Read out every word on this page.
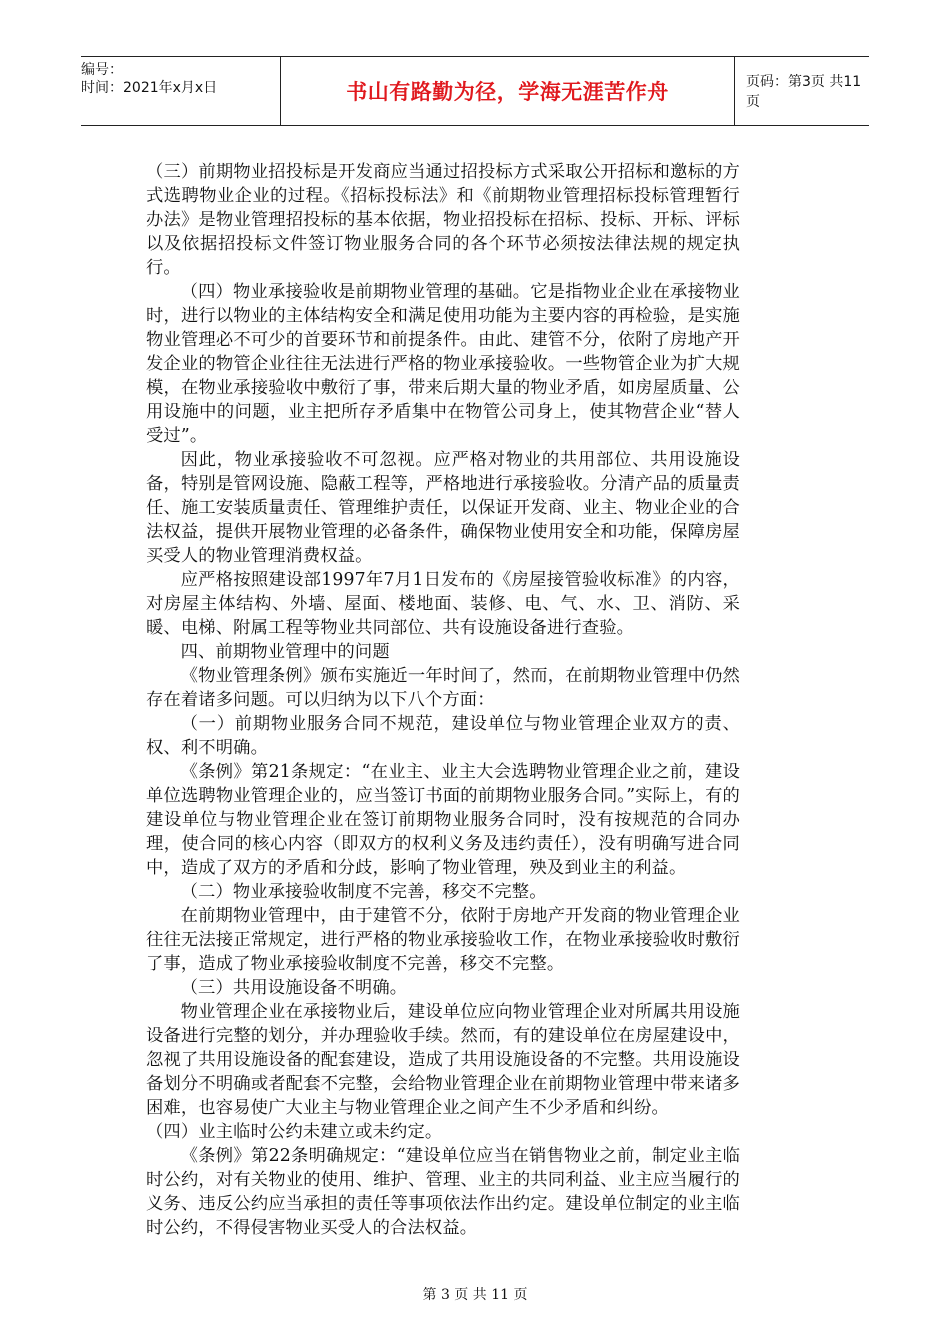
编号：
时间：2021年x月x日	书山有路勤为径，学海无涯苦作舟	页码：第3页 共11页

（三）前期物业招投标是开发商应当通过招投标方式采取公开招标和邀标的方式选聘物业企业的过程。《招标投标法》和《前期物业管理招标投标管理暂行办法》是物业管理招投标的基本依据，物业招投标在招标、投标、开标、评标以及依据招投标文件签订物业服务合同的各个环节必须按法律法规的规定执行。

（四）物业承接验收是前期物业管理的基础。它是指物业企业在承接物业时，进行以物业的主体结构安全和满足使用功能为主要内容的再检验，是实施物业管理必不可少的首要环节和前提条件。由此、建管不分，依附了房地产开发企业的物管企业往往无法进行严格的物业承接验收。一些物管企业为扩大规模，在物业承接验收中敷衍了事，带来后期大量的物业矛盾，如房屋质量、公用设施中的问题，业主把所存矛盾集中在物管公司身上，使其物营企业“替人受过”。

因此，物业承接验收不可忽视。应严格对物业的共用部位、共用设施设备，特别是管网设施、隐蔽工程等，严格地进行承接验收。分清产品的质量责任、施工安装质量责任、管理维护责任，以保证开发商、业主、物业企业的合法权益，提供开展物业管理的必备条件，确保物业使用安全和功能，保障房屋买受人的物业管理消费权益。

应严格按照建设部1997年7月1日发布的《房屋接管验收标准》的内容，对房屋主体结构、外墙、屋面、楼地面、装修、电、气、水、卫、消防、采暖、电梯、附属工程等物业共同部位、共有设施设备进行查验。

四、前期物业管理中的问题

《物业管理条例》颁布实施近一年时间了，然而，在前期物业管理中仍然存在着诸多问题。可以归纳为以下八个方面：

（一）前期物业服务合同不规范，建设单位与物业管理企业双方的责、权、利不明确。

《条例》第21条规定：“在业主、业主大会选聘物业管理企业之前，建设单位选聘物业管理企业的，应当签订书面的前期物业服务合同。”实际上，有的建设单位与物业管理企业在签订前期物业服务合同时，没有按规范的合同办理，使合同的核心内容（即双方的权利义务及违约责任），没有明确写进合同中，造成了双方的矛盾和分歧，影响了物业管理，殃及到业主的利益。

（二）物业承接验收制度不完善，移交不完整。

在前期物业管理中，由于建管不分，依附于房地产开发商的物业管理企业往往无法接正常规定，进行严格的物业承接验收工作，在物业承接验收时敷衍了事，造成了物业承接验收制度不完善，移交不完整。

（三）共用设施设备不明确。

物业管理企业在承接物业后，建设单位应向物业管理企业对所属共用设施设备进行完整的划分，并办理验收手续。然而，有的建设单位在房屋建设中，忽视了共用设施设备的配套建设，造成了共用设施设备的不完整。共用设施设备划分不明确或者配套不完整，会给物业管理企业在前期物业管理中带来诸多困难，也容易使广大业主与物业管理企业之间产生不少矛盾和纠纷。

（四）业主临时公约未建立或未约定。

《条例》第22条明确规定：“建设单位应当在销售物业之前，制定业主临时公约，对有关物业的使用、维护、管理、业主的共同利益、业主应当履行的义务、违反公约应当承担的责任等事项依法作出约定。建设单位制定的业主临时公约，不得侵害物业买受人的合法权益。

第 3 页 共 11 页
